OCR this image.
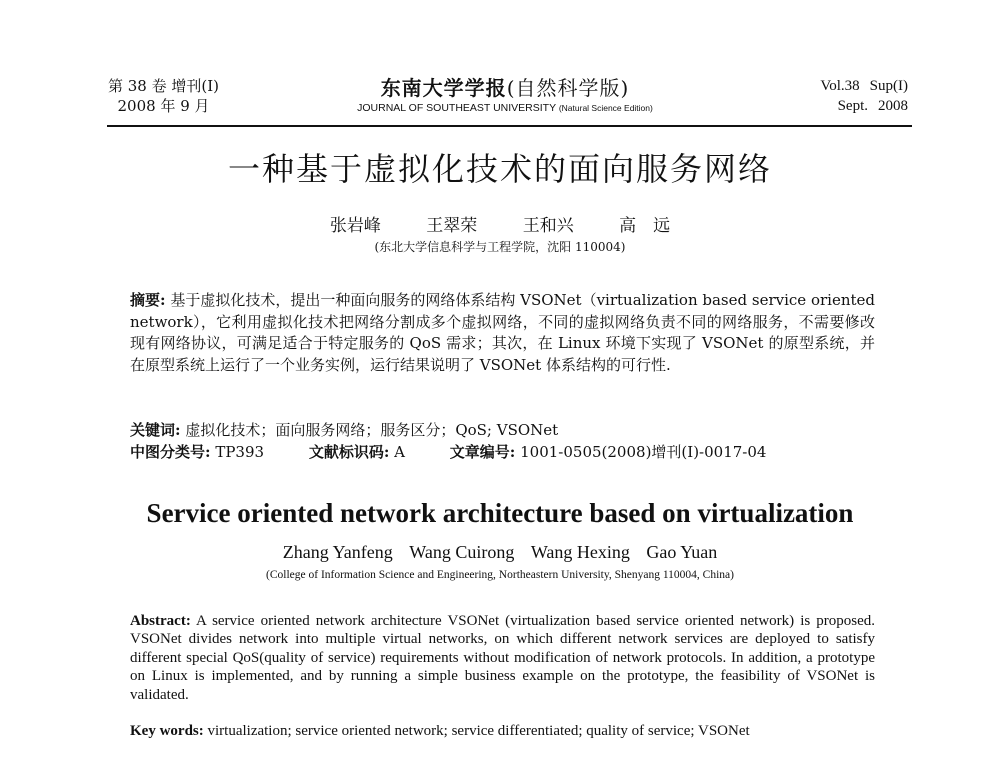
第 38 卷 增刊(I)
2008 年 9 月
东南大学学报(自然科学版)
JOURNAL OF SOUTHEAST UNIVERSITY (Natural Science Edition)
Vol.38 Sup(I)
Sept. 2008
一种基于虚拟化技术的面向服务网络
张岩峰	王翠荣	王和兴	高　远
(东北大学信息科学与工程学院，沈阳 110004)
摘要: 基于虚拟化技术，提出一种面向服务的网络体系结构 VSONet（virtualization based service oriented network），它利用虚拟化技术把网络分割成多个虚拟网络，不同的虚拟网络负责不同的网络服务，不需要修改现有网络协议，可满足适合于特定服务的 QoS 需求；其次，在 Linux 环境下实现了 VSONet 的原型系统，并在原型系统上运行了一个业务实例，运行结果说明了 VSONet 体系结构的可行性.
关键词: 虚拟化技术；面向服务网络；服务区分；QoS; VSONet
中图分类号: TP393	文献标识码: A	文章编号: 1001-0505(2008)增刊(I)-0017-04
Service oriented network architecture based on virtualization
Zhang Yanfeng Wang Cuirong Wang Hexing Gao Yuan
(College of Information Science and Engineering, Northeastern University, Shenyang 110004, China)
Abstract: A service oriented network architecture VSONet (virtualization based service oriented network) is proposed. VSONet divides network into multiple virtual networks, on which different network services are deployed to satisfy different special QoS(quality of service) requirements without modification of network protocols. In addition, a prototype on Linux is implemented, and by running a simple business example on the prototype, the feasibility of VSONet is validated.
Key words: virtualization; service oriented network; service differentiated; quality of service; VSONet
